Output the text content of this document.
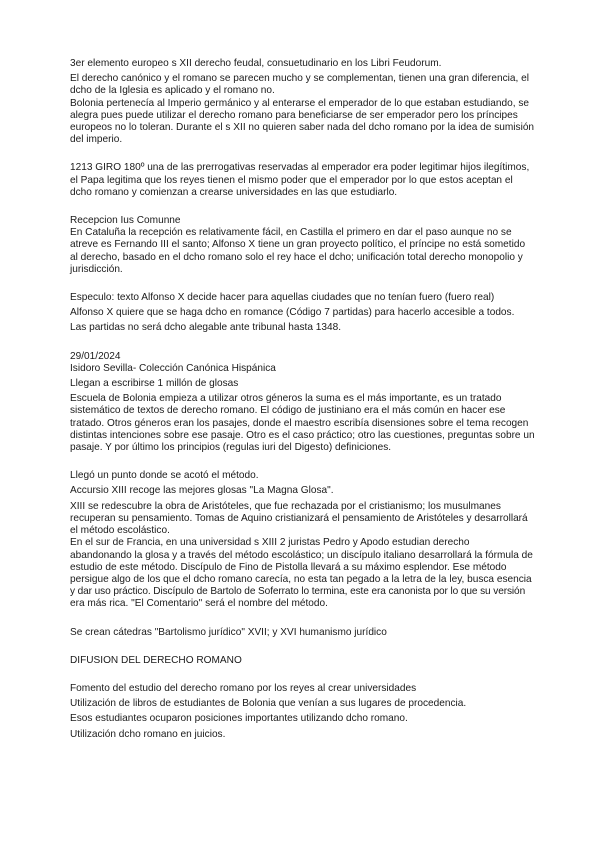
3er elemento europeo s XII derecho feudal, consuetudinario en los Libri Feudorum.

El derecho canónico y el romano se parecen mucho y se complementan, tienen una gran diferencia, el

dcho de la Iglesia es aplicado y el romano no.

Bolonia pertenecía al Imperio germánico y al enterarse el emperador de lo que estaban estudiando, se

alegra pues puede utilizar el derecho romano para beneficiarse de ser emperador pero los príncipes

europeos no lo toleran. Durante el s XII no quieren saber nada del dcho romano por la idea de sumisión

del imperio.

1213 GIRO 180º una de las prerrogativas reservadas al emperador era poder legitimar hijos ilegítimos,

el Papa legitima que los reyes tienen el mismo poder que el emperador por lo que estos aceptan el

dcho romano y comienzan a crearse universidades en las que estudiarlo.

Recepcion Ius Comunne

En Cataluña la recepción es relativamente fácil, en Castilla el primero en dar el paso aunque no se

atreve es Fernando III el santo; Alfonso X tiene un gran proyecto político, el príncipe no está sometido

al derecho, basado en el dcho romano solo el rey hace el dcho; unificación total derecho monopolio y

jurisdicción.

Especulo: texto Alfonso X decide hacer para aquellas ciudades que no tenían fuero (fuero real)

Alfonso X quiere que se haga dcho en romance (Código 7 partidas) para hacerlo accesible a todos.

Las partidas no será dcho alegable ante tribunal hasta 1348.

29/01/2024

Isidoro Sevilla- Colección Canónica Hispánica

Llegan a escribirse 1 millón de glosas

Escuela de Bolonia empieza a utilizar otros géneros la suma es el más importante, es un tratado

sistemático de textos de derecho romano. El código de justiniano era el más común en hacer ese

tratado. Otros géneros eran los pasajes, donde el maestro escribía disensiones sobre el tema recogen

distintas intenciones sobre ese pasaje. Otro es el caso práctico; otro las cuestiones, preguntas sobre un

pasaje. Y por último los principios (regulas iuri del Digesto) definiciones.

Llegó un punto donde se acotó el método.

Accursio XIII recoge las mejores glosas "La Magna Glosa".

XIII se redescubre la obra de Aristóteles, que fue rechazada por el cristianismo; los musulmanes

recuperan su pensamiento. Tomas de Aquino cristianizará el pensamiento de Aristóteles y desarrollará

el método escolástico.

En el sur de Francia, en una universidad s XIII 2 juristas Pedro y Apodo estudian derecho

abandonando la glosa y a través del método escolástico; un discípulo italiano desarrollará la fórmula de

estudio de este método. Discípulo de Fino de Pistolla llevará a su máximo esplendor. Ese método

persigue algo de los que el dcho romano carecía, no esta tan pegado a la letra de la ley, busca esencia

y dar uso práctico. Discípulo de Bartolo de Soferrato lo termina, este era canonista por lo que su versión

era más rica. "El Comentario" será el nombre del método.

Se crean cátedras "Bartolismo jurídico" XVII; y XVI humanismo jurídico

DIFUSION DEL DERECHO ROMANO

Fomento del estudio del derecho romano por los reyes al crear universidades

Utilización de libros de estudiantes de Bolonia que venían a sus lugares de procedencia.

Esos estudiantes ocuparon posiciones importantes utilizando dcho romano.

Utilización dcho romano en juicios.
